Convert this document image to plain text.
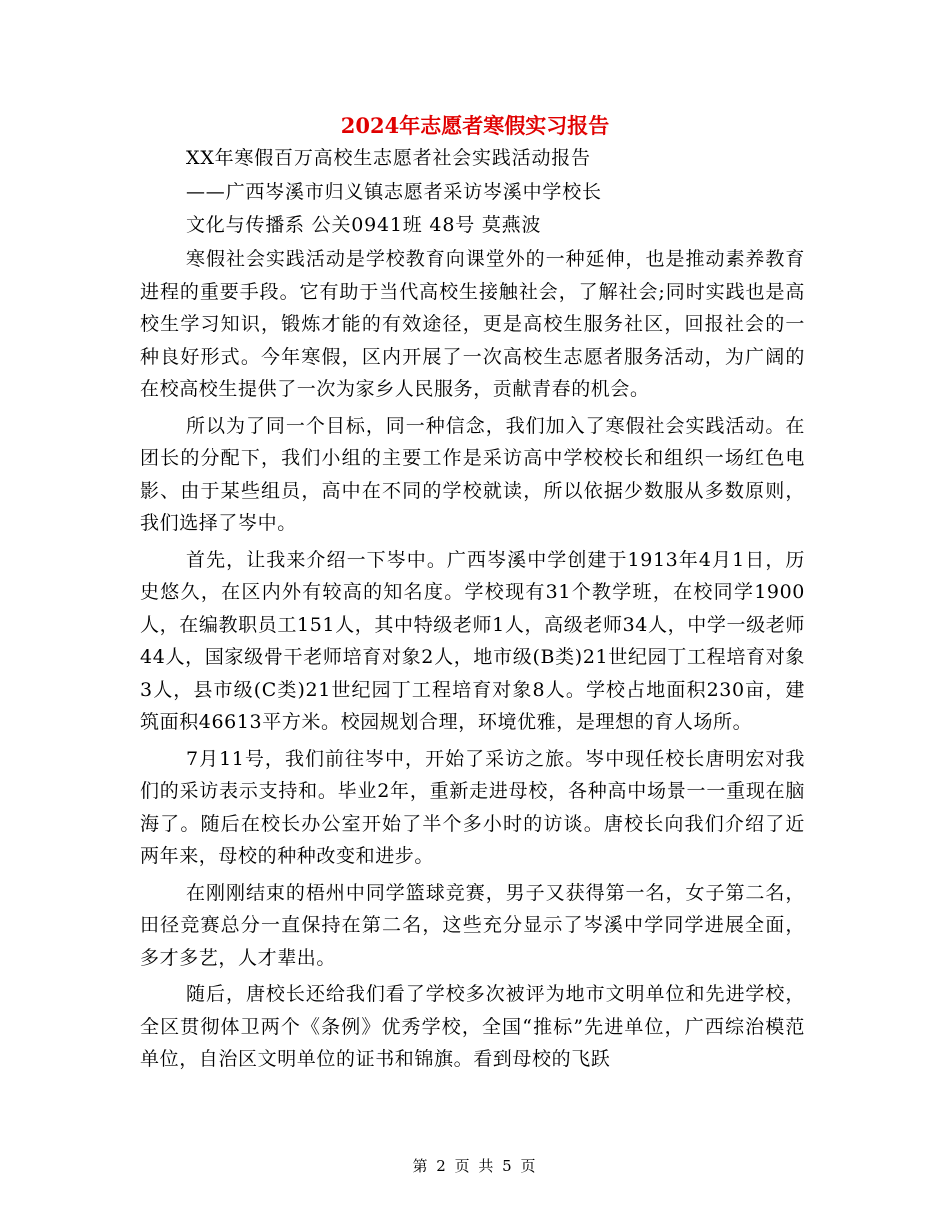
2024年志愿者寒假实习报告

XX年寒假百万高校生志愿者社会实践活动报告

——广西岑溪市归义镇志愿者采访岑溪中学校长

文化与传播系 公关0941班 48号 莫燕波

寒假社会实践活动是学校教育向课堂外的一种延伸，也是推动素养教育进程的重要手段。它有助于当代高校生接触社会，了解社会;同时实践也是高校生学习知识，锻炼才能的有效途径，更是高校生服务社区，回报社会的一种良好形式。今年寒假，区内开展了一次高校生志愿者服务活动，为广阔的在校高校生提供了一次为家乡人民服务，贡献青春的机会。

所以为了同一个目标，同一种信念，我们加入了寒假社会实践活动。在团长的分配下，我们小组的主要工作是采访高中学校校长和组织一场红色电影、由于某些组员，高中在不同的学校就读，所以依据少数服从多数原则，我们选择了岑中。

首先，让我来介绍一下岑中。广西岑溪中学创建于1913年4月1日，历史悠久，在区内外有较高的知名度。学校现有31个教学班，在校同学1900人，在编教职员工151人，其中特级老师1人，高级老师34人，中学一级老师44人，国家级骨干老师培育对象2人，地市级(B类)21世纪园丁工程培育对象3人，县市级(C类)21世纪园丁工程培育对象8人。学校占地面积230亩，建筑面积46613平方米。校园规划合理，环境优雅，是理想的育人场所。

7月11号，我们前往岑中，开始了采访之旅。岑中现任校长唐明宏对我们的采访表示支持和。毕业2年，重新走进母校，各种高中场景一一重现在脑海了。随后在校长办公室开始了半个多小时的访谈。唐校长向我们介绍了近两年来，母校的种种改变和进步。

在刚刚结束的梧州中同学篮球竞赛，男子又获得第一名，女子第二名，田径竞赛总分一直保持在第二名，这些充分显示了岑溪中学同学进展全面，多才多艺，人才辈出。

随后，唐校长还给我们看了学校多次被评为地市文明单位和先进学校，全区贯彻体卫两个《条例》优秀学校，全国“推标”先进单位，广西综治模范单位，自治区文明单位的证书和锦旗。看到母校的飞跃

第 2 页 共 5 页
